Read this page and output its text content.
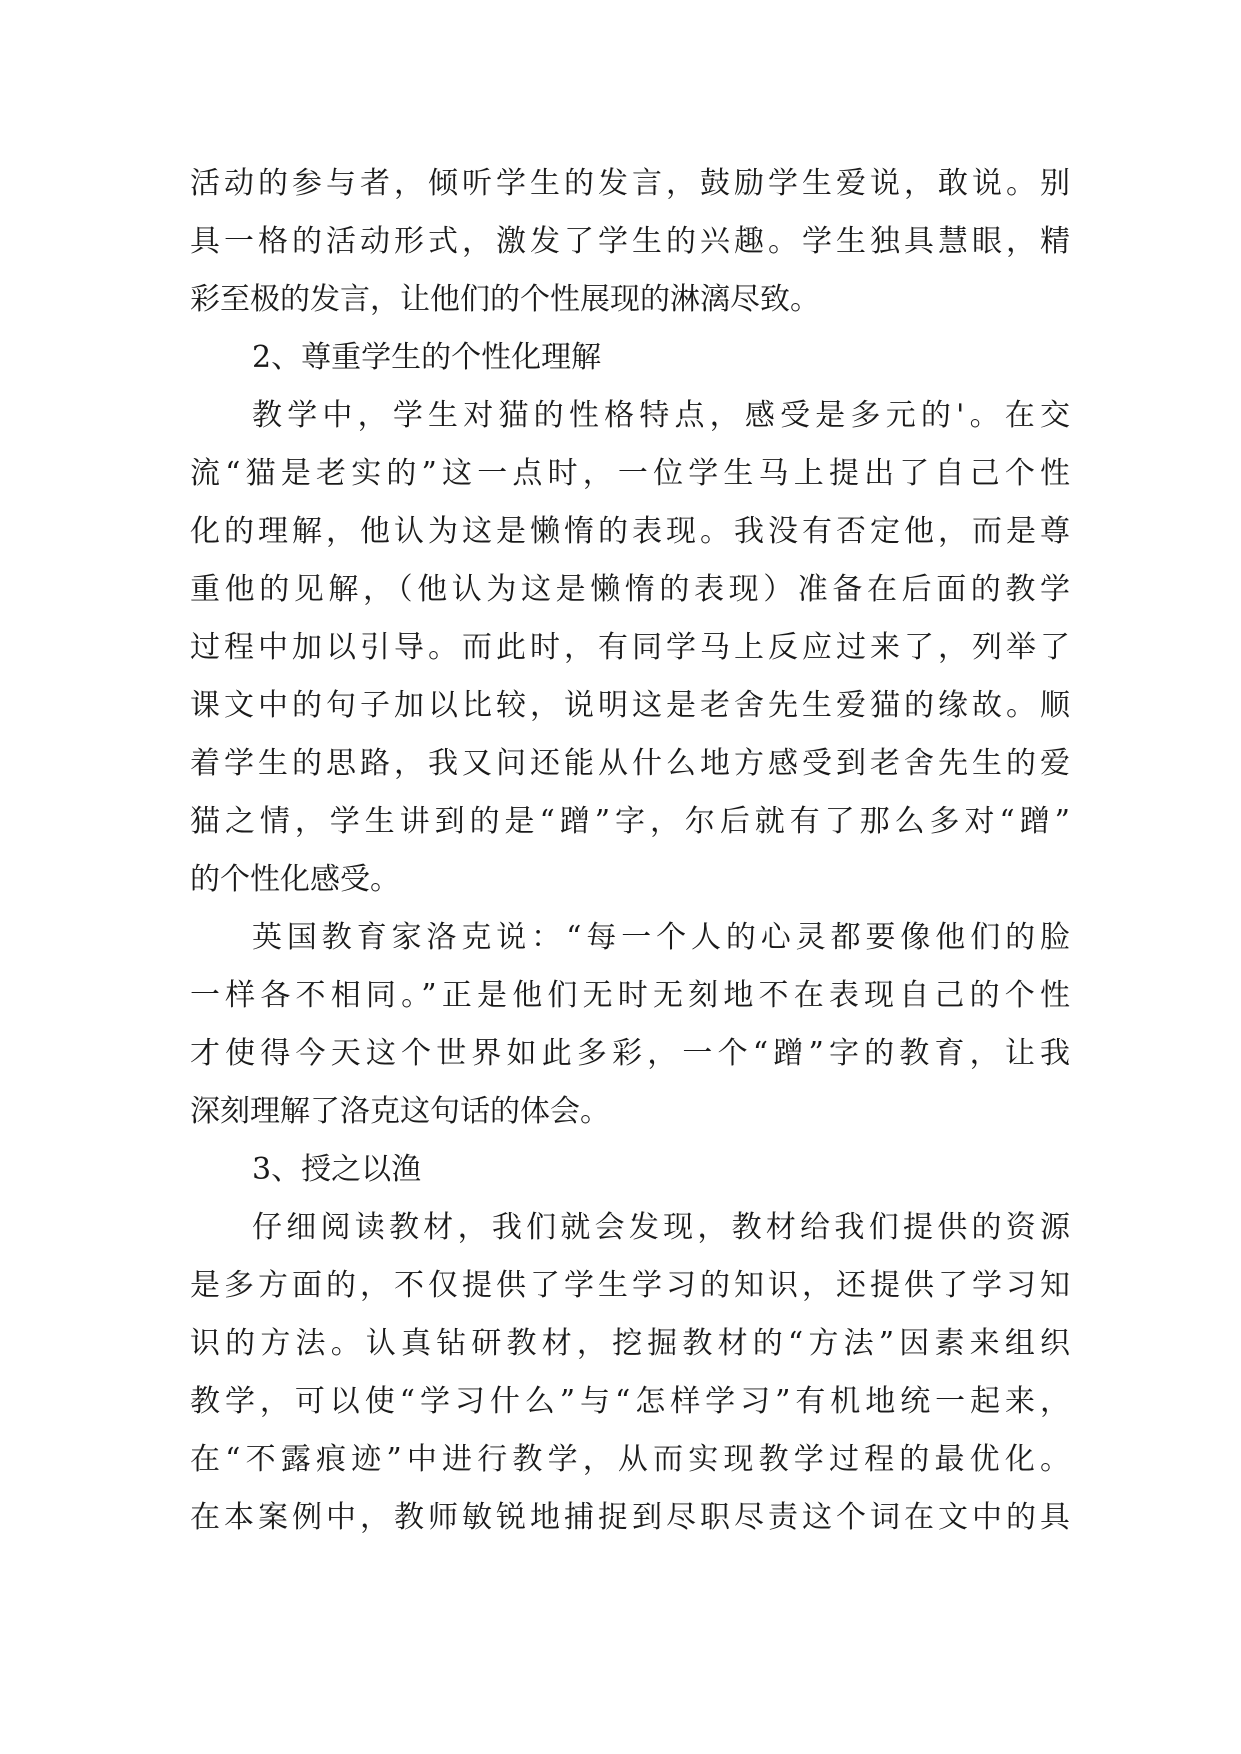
活动的参与者，倾听学生的发言，鼓励学生爱说，敢说。别
具一格的活动形式，激发了学生的兴趣。学生独具慧眼，精
彩至极的发言，让他们的个性展现的淋漓尽致。
2、尊重学生的个性化理解
教学中，学生对猫的性格特点，感受是多元的'。在交
流“猫是老实的”这一点时，一位学生马上提出了自己个性
化的理解，他认为这是懒惰的表现。我没有否定他，而是尊
重他的见解，（他认为这是懒惰的表现）准备在后面的教学
过程中加以引导。而此时，有同学马上反应过来了，列举了
课文中的句子加以比较，说明这是老舍先生爱猫的缘故。顺
着学生的思路，我又问还能从什么地方感受到老舍先生的爱
猫之情，学生讲到的是“蹭”字，尔后就有了那么多对“蹭”
的个性化感受。
英国教育家洛克说：“每一个人的心灵都要像他们的脸
一样各不相同。”正是他们无时无刻地不在表现自己的个性
才使得今天这个世界如此多彩，一个“蹭”字的教育，让我
深刻理解了洛克这句话的体会。
3、授之以渔
仔细阅读教材，我们就会发现，教材给我们提供的资源
是多方面的，不仅提供了学生学习的知识，还提供了学习知
识的方法。认真钻研教材，挖掘教材的“方法”因素来组织
教学，可以使“学习什么”与“怎样学习”有机地统一起来，
在“不露痕迹”中进行教学，从而实现教学过程的最优化。
在本案例中，教师敏锐地捕捉到尽职尽责这个词在文中的具
